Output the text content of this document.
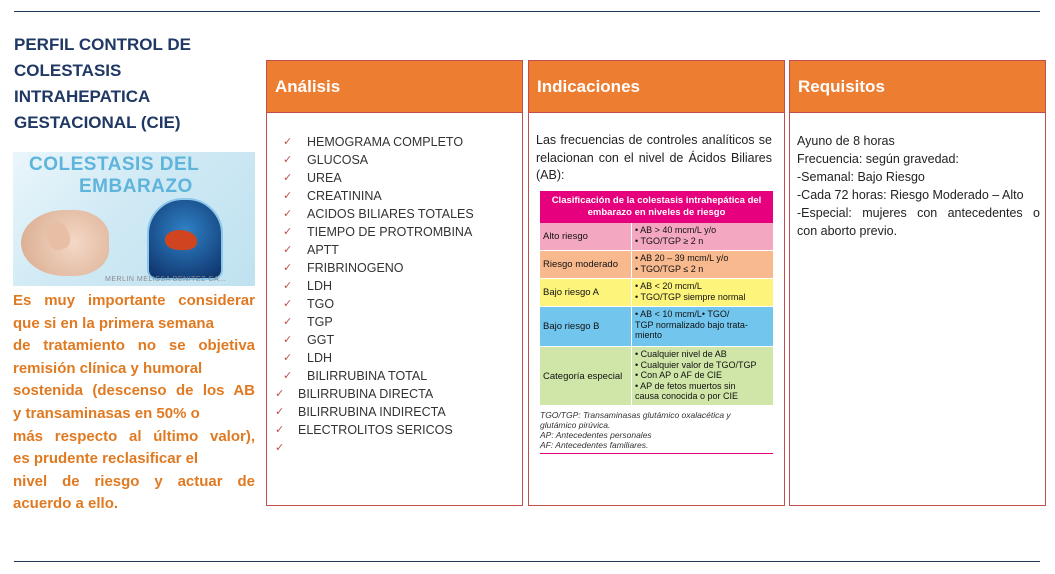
PERFIL CONTROL DE
COLESTASIS
INTRAHEPATICA
GESTACIONAL (CIE)
COLESTASIS DEL
EMBARAZO
MERLIN MELISSA BENITEZ CA...
Es muy importante considerar
que si en la primera semana
de tratamiento no se objetiva
remisión clínica y humoral
sostenida (descenso de los AB
y transaminasas en 50% o
más respecto al último valor),
es prudente reclasificar el
nivel de riesgo y actuar de
acuerdo a ello.
Análisis
✓ HEMOGRAMA COMPLETO
✓ GLUCOSA
✓ UREA
✓ CREATININA
✓ ACIDOS BILIARES TOTALES
✓ TIEMPO DE PROTROMBINA
✓ APTT
✓ FRIBRINOGENO
✓ LDH
✓ TGO
✓ TGP
✓ GGT
✓ LDH
✓ BILIRRUBINA TOTAL
✓ BILIRRUBINA DIRECTA
✓ BILIRRUBINA INDIRECTA
✓ ELECTROLITOS SERICOS
✓
Indicaciones
Las frecuencias de controles analíticos se relacionan con el nivel de Ácidos Biliares (AB):
Clasificación de la colestasis intrahepática del embarazo en niveles de riesgo
Alto riesgo
• AB > 40 mcm/L y/o
• TGO/TGP ≥ 2 n
Riesgo moderado
• AB 20 – 39 mcm/L y/o
• TGO/TGP ≤ 2 n
Bajo riesgo A
• AB < 20 mcm/L
• TGO/TGP siempre normal
Bajo riesgo B
• AB < 10 mcm/L• TGO/
TGP normalizado bajo trata-
miento
Categoría especial
• Cualquier nivel de AB
• Cualquier valor de TGO/TGP
• Con AP o AF de CIE
• AP de fetos muertos sin
causa conocida o por CIE
TGO/TGP: Transaminasas glutámico oxalacética y
glutámico pirúvica.
AP: Antecedentes personales
AF: Antecedentes familiares.
Requisitos
Ayuno de 8 horas
Frecuencia: según gravedad:
-Semanal: Bajo Riesgo
-Cada 72 horas: Riesgo Moderado – Alto
-Especial: mujeres con antecedentes o
con aborto previo.
